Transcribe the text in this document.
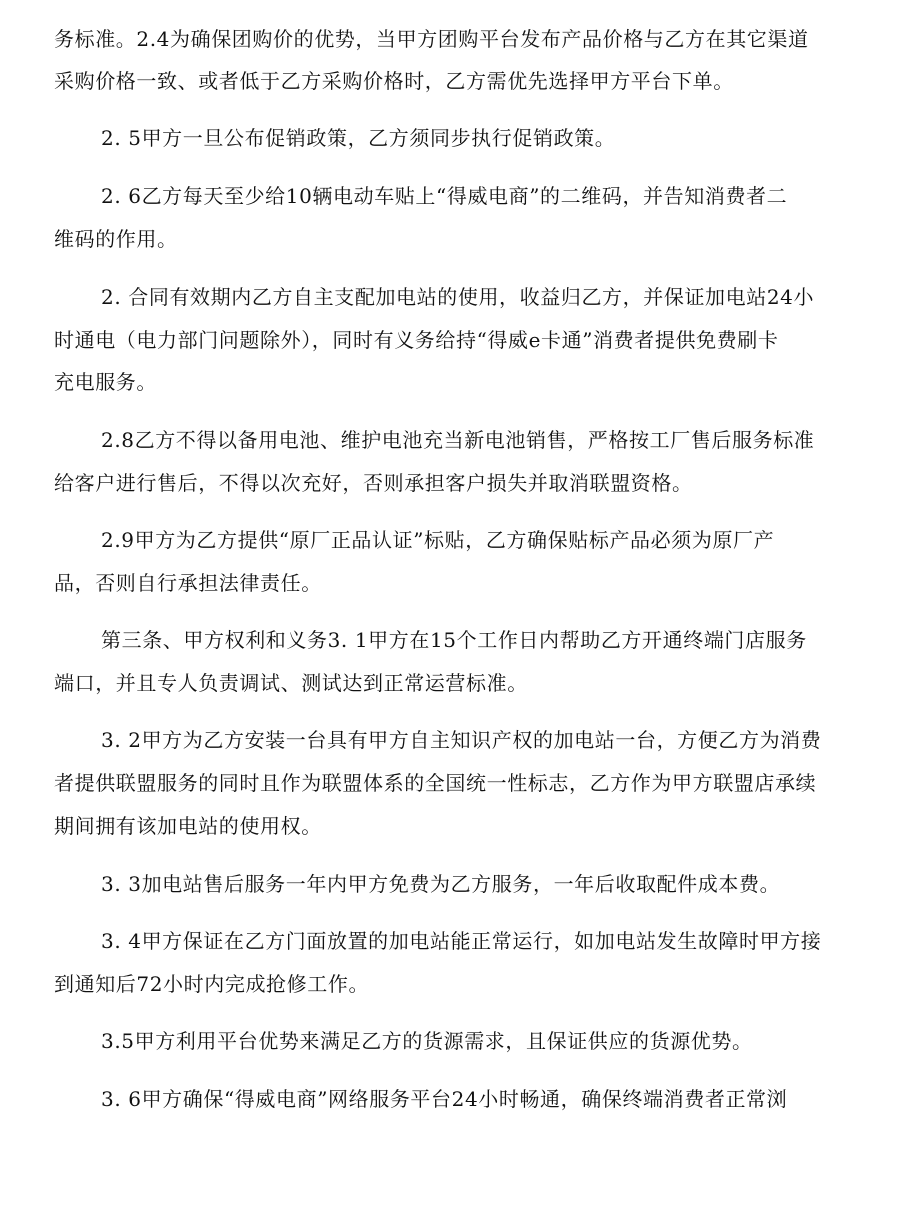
务标准。2.4为确保团购价的优势，当甲方团购平台发布产品价格与乙方在其它渠道
采购价格一致、或者低于乙方采购价格时，乙方需优先选择甲方平台下单。
2. 5甲方一旦公布促销政策，乙方须同步执行促销政策。
2. 6乙方每天至少给10辆电动车贴上“得威电商”的二维码，并告知消费者二
维码的作用。
2. 合同有效期内乙方自主支配加电站的使用，收益归乙方，并保证加电站24小
时通电（电力部门问题除外），同时有义务给持“得威e卡通”消费者提供免费刷卡
充电服务。
2.8乙方不得以备用电池、维护电池充当新电池销售，严格按工厂售后服务标准
给客户进行售后，不得以次充好，否则承担客户损失并取消联盟资格。
2.9甲方为乙方提供“原厂正品认证”标贴，乙方确保贴标产品必须为原厂产
品，否则自行承担法律责任。
第三条、甲方权利和义务3. 1甲方在15个工作日内帮助乙方开通终端门店服务
端口，并且专人负责调试、测试达到正常运营标准。
3. 2甲方为乙方安装一台具有甲方自主知识产权的加电站一台，方便乙方为消费
者提供联盟服务的同时且作为联盟体系的全国统一性标志，乙方作为甲方联盟店承续
期间拥有该加电站的使用权。
3. 3加电站售后服务一年内甲方免费为乙方服务，一年后收取配件成本费。
3. 4甲方保证在乙方门面放置的加电站能正常运行，如加电站发生故障时甲方接
到通知后72小时内完成抢修工作。
3.5甲方利用平台优势来满足乙方的货源需求，且保证供应的货源优势。
3. 6甲方确保“得威电商”网络服务平台24小时畅通，确保终端消费者正常浏
